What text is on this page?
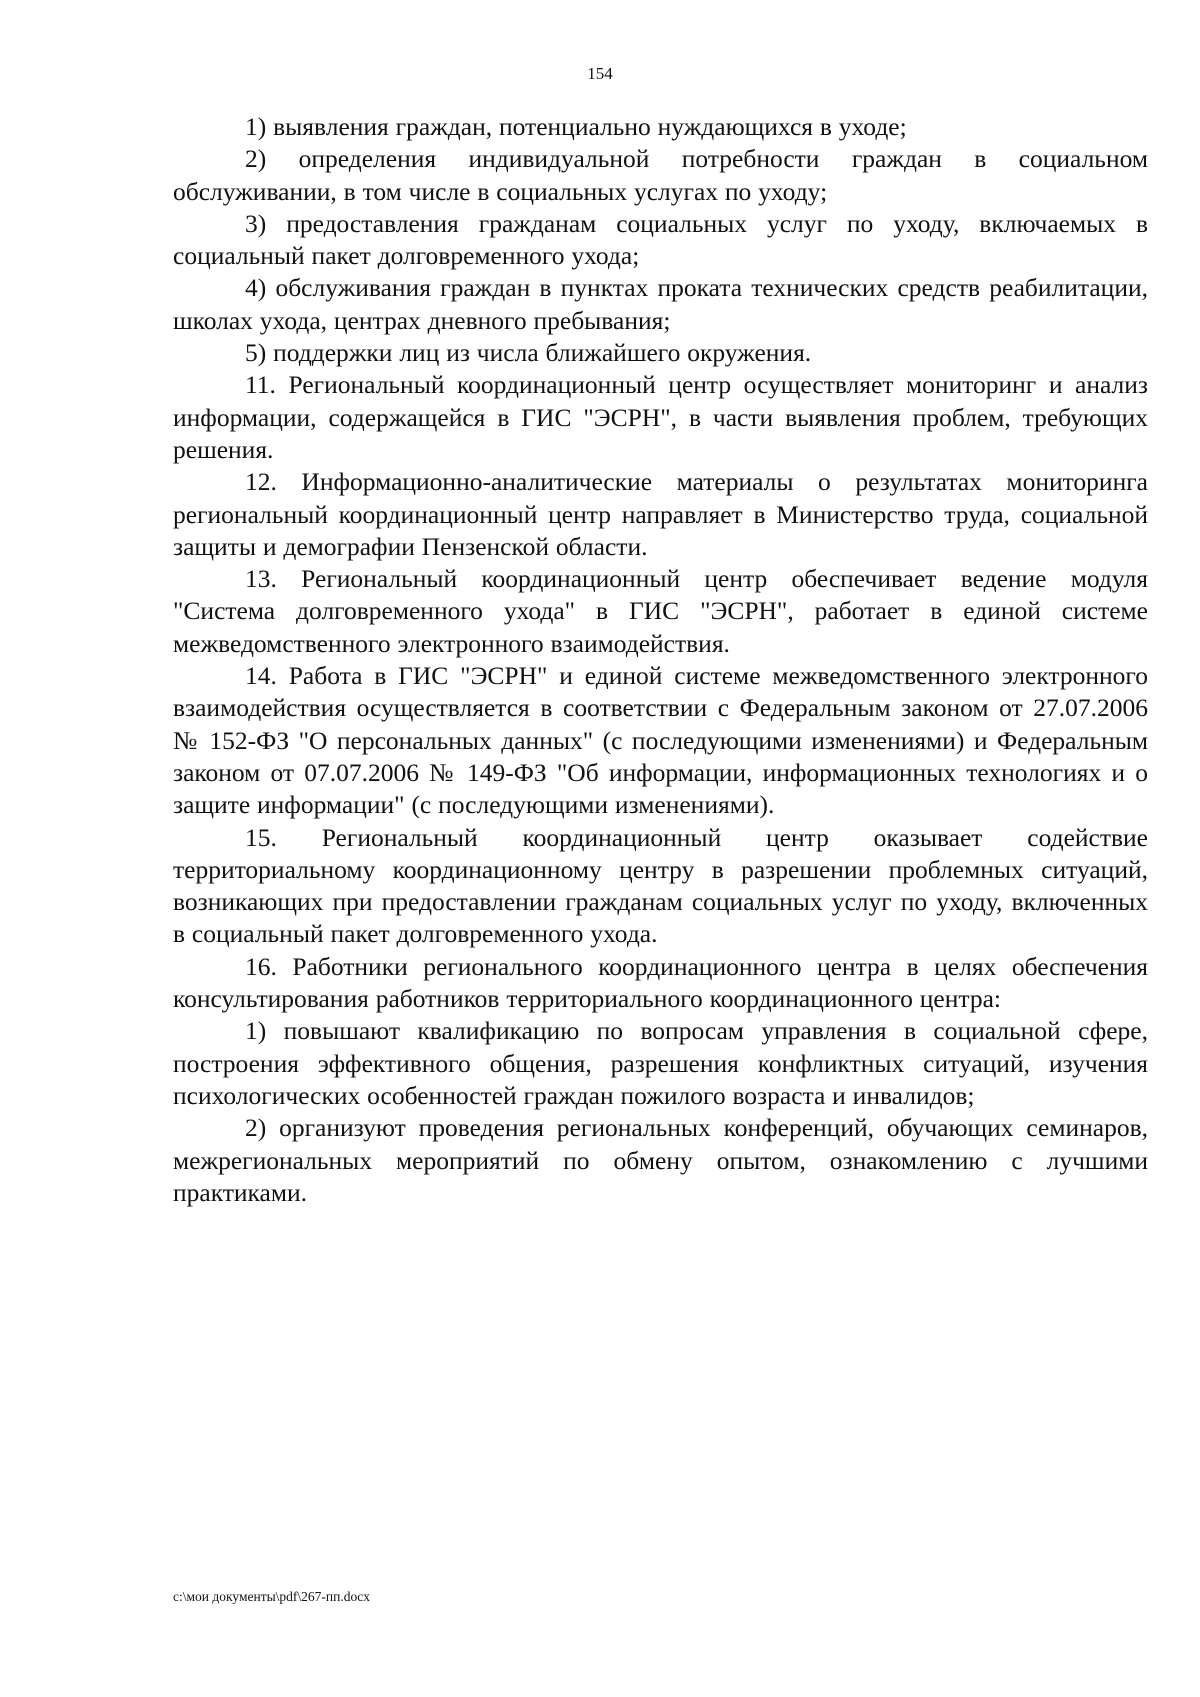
154

1) выявления граждан, потенциально нуждающихся в уходе;

2) определения индивидуальной потребности граждан в социальном обслуживании, в том числе в социальных услугах по уходу;

3) предоставления гражданам социальных услуг по уходу, включаемых в социальный пакет долговременного ухода;

4) обслуживания граждан в пунктах проката технических средств реабилитации, школах ухода, центрах дневного пребывания;

5) поддержки лиц из числа ближайшего окружения.

11. Региональный координационный центр осуществляет мониторинг и анализ информации, содержащейся в ГИС "ЭСРН", в части выявления проблем, требующих решения.

12. Информационно-аналитические материалы о результатах мониторинга региональный координационный центр направляет в Министерство труда, социальной защиты и демографии Пензенской области.

13. Региональный координационный центр обеспечивает ведение модуля "Система долговременного ухода" в ГИС "ЭСРН", работает в единой системе межведомственного электронного взаимодействия.

14. Работа в ГИС "ЭСРН" и единой системе межведомственного электронного взаимодействия осуществляется в соответствии с Федеральным законом от 27.07.2006 № 152-ФЗ "О персональных данных" (с последующими изменениями) и Федеральным законом от 07.07.2006 № 149-ФЗ "Об информации, информационных технологиях и о защите информации" (с последующими изменениями).

15. Региональный координационный центр оказывает содействие территориальному координационному центру в разрешении проблемных ситуаций, возникающих при предоставлении гражданам социальных услуг по уходу, включенных в социальный пакет долговременного ухода.

16. Работники регионального координационного центра в целях обеспечения консультирования работников территориального координационного центра:

1) повышают квалификацию по вопросам управления в социальной сфере, построения эффективного общения, разрешения конфликтных ситуаций, изучения психологических особенностей граждан пожилого возраста и инвалидов;

2) организуют проведения региональных конференций, обучающих семинаров, межрегиональных мероприятий по обмену опытом, ознакомлению с лучшими практиками.

c:\мои документы\pdf\267-пп.docx
